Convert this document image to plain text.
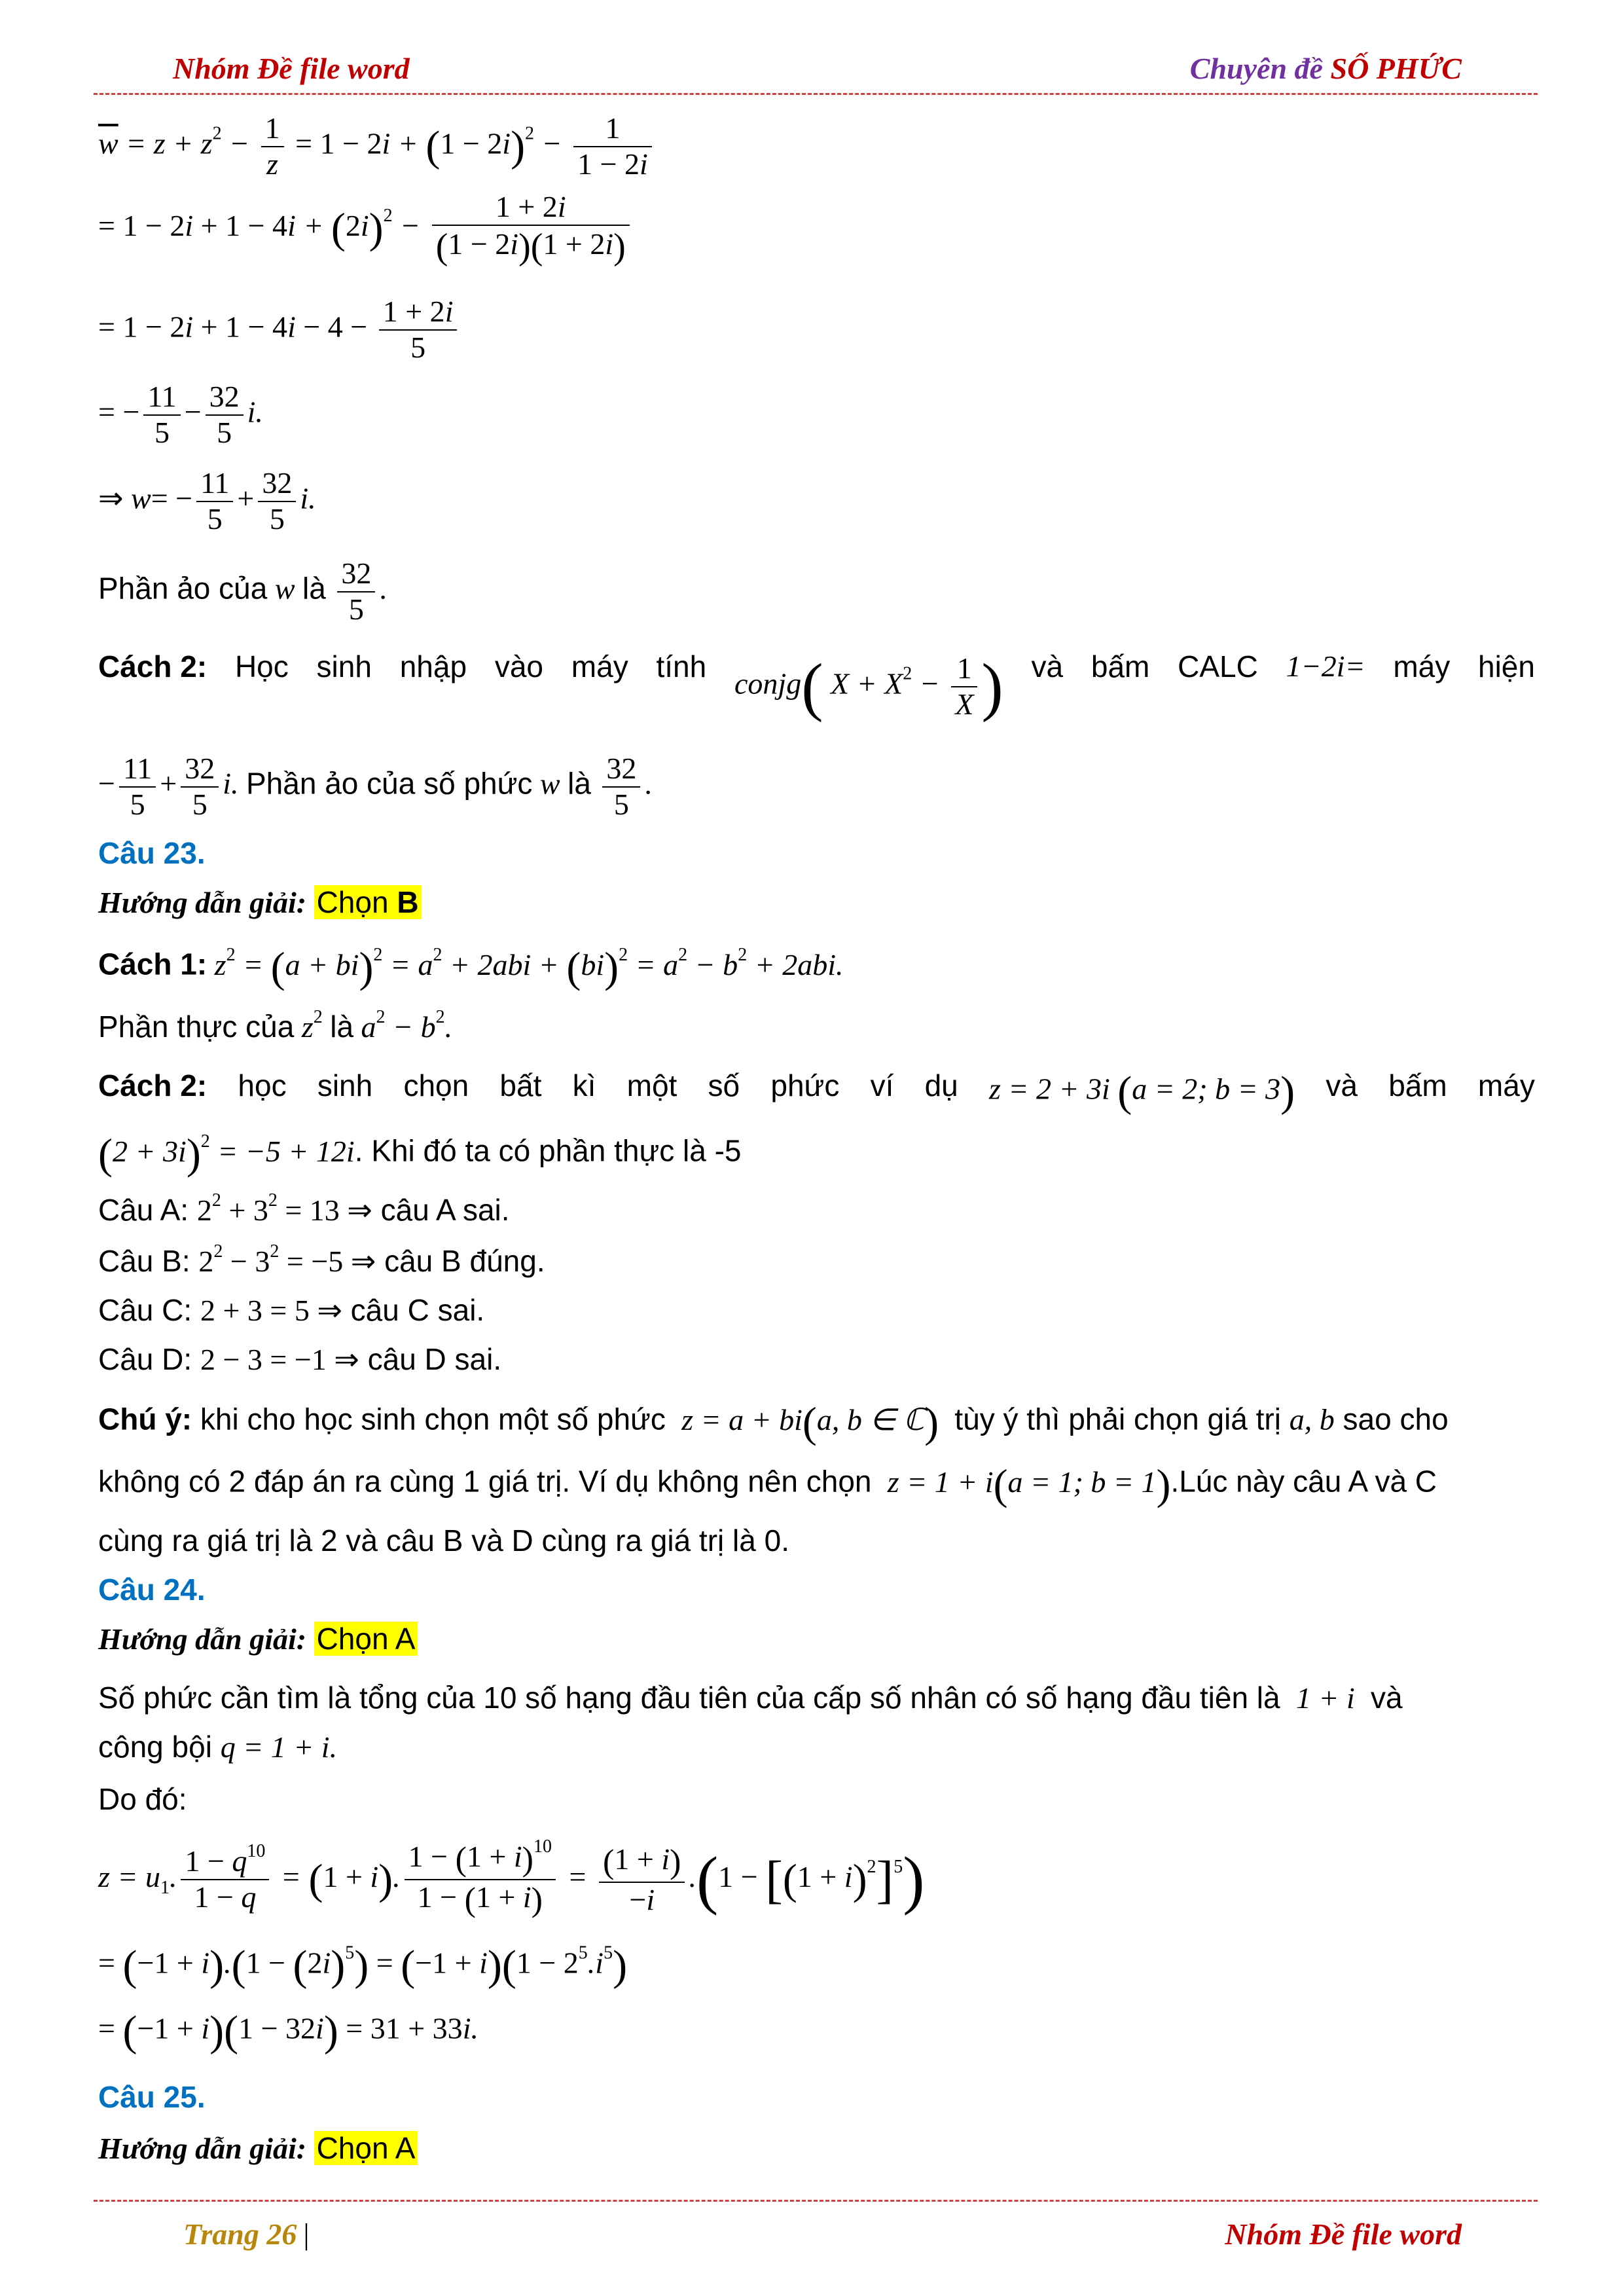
Nhóm Đề file word	Chuyên đề SỐ PHỨC
$\overline{w} = z + z^2 - \frac{1}{z} = 1 - 2i + (1 - 2i)^2 - \frac{1}{1 - 2i}$
= $1 - 2i + 1 - 4i + (2i)^2 - \frac{1 + 2i}{(1 - 2i)(1 + 2i)}$
= $1 - 2i + 1 - 4i - 4 - \frac{1 + 2i}{5}$
= − $\frac{11}{5} - \frac{32}{5} i$.
⇒ $w= - \frac{11}{5} + \frac{32}{5} i$.
Phần ảo của w là $\frac{32}{5}$ .
Cách 2: Học sinh nhập vào máy tính conjg( $X + X^2 - \frac{1}{X}$ ) và bấm CALC 1−2i= máy hiện
− $\frac{11}{5} + \frac{32}{5} i$. Phần ảo của số phức w là $\frac{32}{5}$ .
Câu 23.
Hướng dẫn giải: Chọn B
Cách 1: $z^2 = (a + bi)^2 = a^2 + 2abi + (bi)^2 = a^2 - b^2 + 2abi$.
Phần thực của $z^2$ là $a^2 - b^2$.
Cách 2: học sinh chọn bất kì một số phức ví dụ z = 2 + 3i (a = 2; b = 3) và bấm máy
$(2 + 3i)^2 = -5 + 12i$. Khi đó ta có phần thực là -5
Câu A: $2^2 + 3^2 = 13$ ⇒ câu A sai.
Câu B: $2^2 - 3^2 = -5$ ⇒ câu B đúng.
Câu C: 2 + 3 = 5 ⇒ câu C sai.
Câu D: 2 − 3 = −1 ⇒ câu D sai.
Chú ý: khi cho học sinh chọn một số phức  z = a + bi(a, b ∈ ℂ) tùy ý thì phải chọn giá trị a, b sao cho
không có 2 đáp án ra cùng 1 giá trị. Ví dụ không nên chọn  z = 1 + i(a = 1; b = 1).Lúc này câu A và C
cùng ra giá trị là 2 và câu B và D cùng ra giá trị là 0.
Câu 24.
Hướng dẫn giải: Chọn A
Số phức cần tìm là tổng của 10 số hạng đầu tiên của cấp số nhân có số hạng đầu tiên là  1 + i  và
công bội q = 1 + i.
Do đó:
$z = u_1$. $\frac{1 - q^{10}}{1 - q} = (1 + i)$. $\frac{1 - (1 + i)^{10}}{1 - (1 + i)} = \frac{(1 + i)}{-i} .(1 - [(1 + i)^2]^5)$
= $(-1 + i).(1 - (2i)^5) = (-1 + i)(1 - 2^5.i^5)$
= (−1 + i)(1 − 32i) = 31 + 33i.
Câu 25.
Hướng dẫn giải: Chọn A
Trang 26 |	Nhóm Đề file word
